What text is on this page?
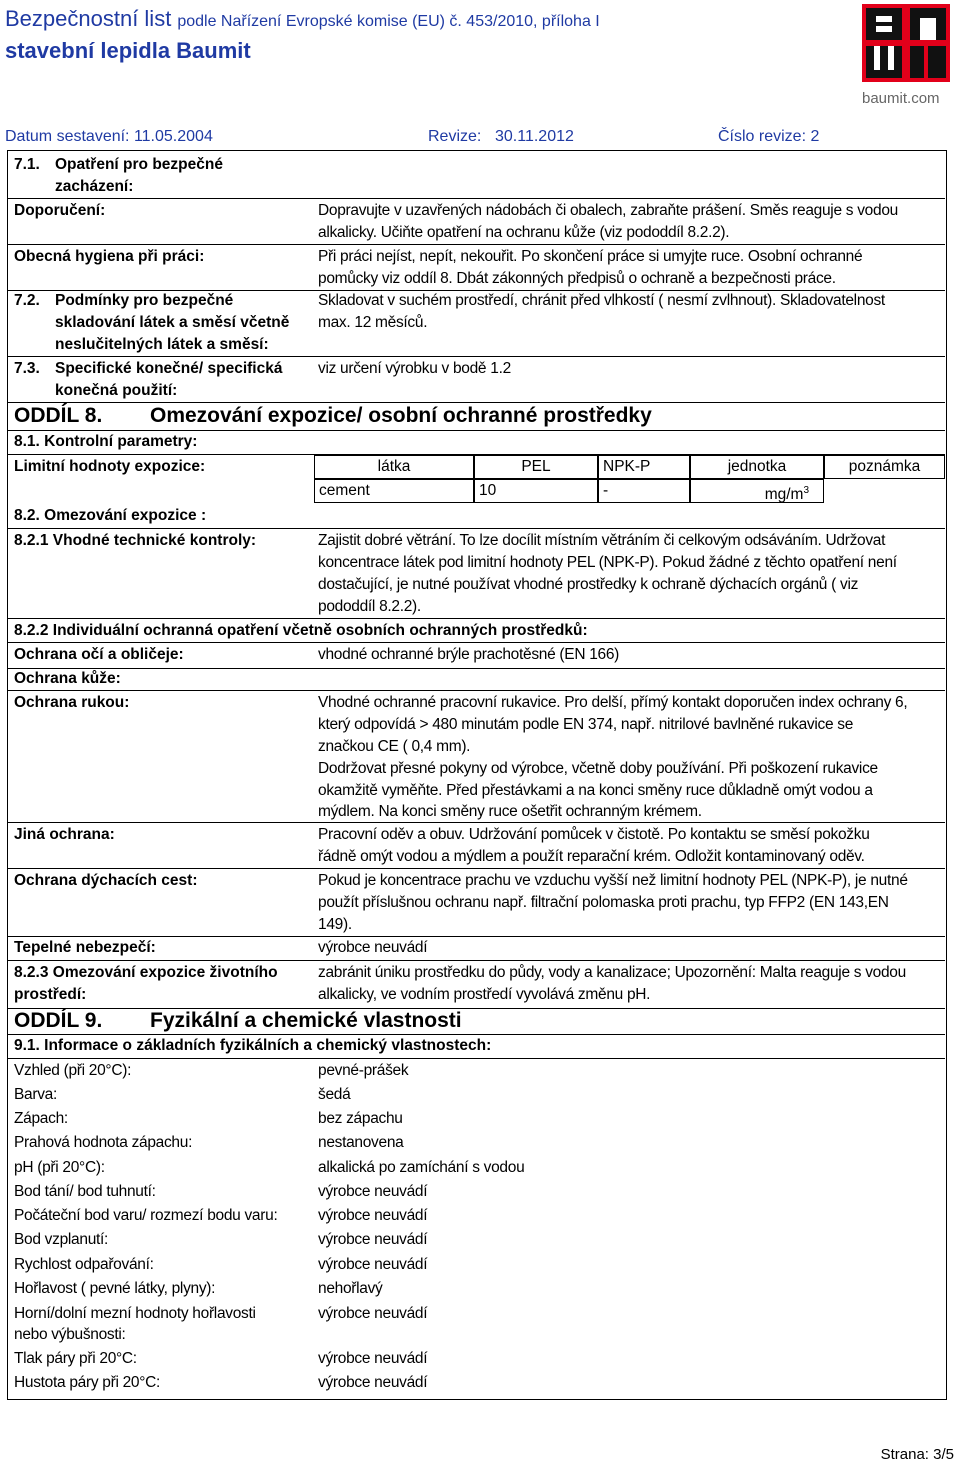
Bezpečnostní list podle Nařízení Evropské komise (EU) č. 453/2010, příloha I
stavební lepidla Baumit
baumit.com
Datum sestavení: 11.05.2004	Revize: 30.11.2012	Číslo revize: 2
7.1. Opatření pro bezpečné
zacházení:
Doporučení:	Dopravujte v uzavřených nádobách či obalech, zabraňte prášení. Směs reaguje s vodou
alkalicky. Učiňte opatření na ochranu kůže (viz pododdíl 8.2.2).
Obecná hygiena při práci:	Při práci nejíst, nepít, nekouřit. Po skončení práce si umyjte ruce. Osobní ochranné
pomůcky viz oddíl 8. Dbát zákonných předpisů o ochraně a bezpečnosti práce.
7.2. Podmínky pro bezpečné
skladování látek a směsí včetně
neslučitelných látek a směsí:
Skladovat v suchém prostředí, chránit před vlhkostí ( nesmí zvlhnout). Skladovatelnost
max. 12 měsíců.
7.3. Specifické konečné/ specifická
konečná použití:
viz určení výrobku v bodě 1.2
ODDÍL 8. Omezování expozice/ osobní ochranné prostředky
8.1. Kontrolní parametry:
Limitní hodnoty expozice:	látka	PEL	NPK-P	jednotka	poznámka
cement	10	-	$mg/m^3$
8.2. Omezování expozice :
8.2.1 Vhodné technické kontroly:	Zajistit dobré větrání. To lze docílit místním větráním či celkovým odsáváním. Udržovat
koncentrace látek pod limitní hodnoty PEL (NPK-P). Pokud žádné z těchto opatření není
dostačující, je nutné používat vhodné prostředky k ochraně dýchacích orgánů ( viz
pododdíl 8.2.2).
8.2.2 Individuální ochranná opatření včetně osobních ochranných prostředků:
Ochrana očí a obličeje:	vhodné ochranné brýle prachotěsné (EN 166)
Ochrana kůže:
Ochrana rukou:	Vhodné ochranné pracovní rukavice. Pro delší, přímý kontakt doporučen index ochrany 6,
který odpovídá > 480 minutám podle EN 374, např. nitrilové bavlněné rukavice se
značkou CE ( 0,4 mm).
Dodržovat přesné pokyny od výrobce, včetně doby používání. Při poškození rukavice
okamžitě vyměňte. Před přestávkami a na konci směny ruce důkladně omýt vodou a
mýdlem. Na konci směny ruce ošetřit ochranným krémem.
Jiná ochrana:	Pracovní oděv a obuv. Udržování pomůcek v čistotě. Po kontaktu se směsí pokožku
řádně omýt vodou a mýdlem a použít reparační krém. Odložit kontaminovaný oděv.
Ochrana dýchacích cest:	Pokud je koncentrace prachu ve vzduchu vyšší než limitní hodnoty PEL (NPK-P), je nutné
použít příslušnou ochranu např. filtrační polomaska proti prachu, typ FFP2 (EN 143,EN
149).
Tepelné nebezpečí:	výrobce neuvádí
8.2.3 Omezování expozice životního
prostředí:
zabránit úniku prostředku do půdy, vody a kanalizace; Upozornění: Malta reaguje s vodou
alkalicky, ve vodním prostředí vyvolává změnu pH.
ODDÍL 9. Fyzikální a chemické vlastnosti
9.1. Informace o základních fyzikálních a chemický vlastnostech:
Vzhled (při 20°C):	pevné-prášek
Barva:	šedá
Zápach:	bez zápachu
Prahová hodnota zápachu:	nestanovena
pH (při 20°C):	alkalická po zamíchání s vodou
Bod tání/ bod tuhnutí:	výrobce neuvádí
Počáteční bod varu/ rozmezí bodu varu:	výrobce neuvádí
Bod vzplanutí:	výrobce neuvádí
Rychlost odpařování:	výrobce neuvádí
Hořlavost ( pevné látky, plyny):	nehořlavý
Horní/dolní mezní hodnoty hořlavosti	výrobce neuvádí
nebo výbušnosti:
Tlak páry při 20°C:	výrobce neuvádí
Hustota páry při 20°C:	výrobce neuvádí
Strana: 3/5
